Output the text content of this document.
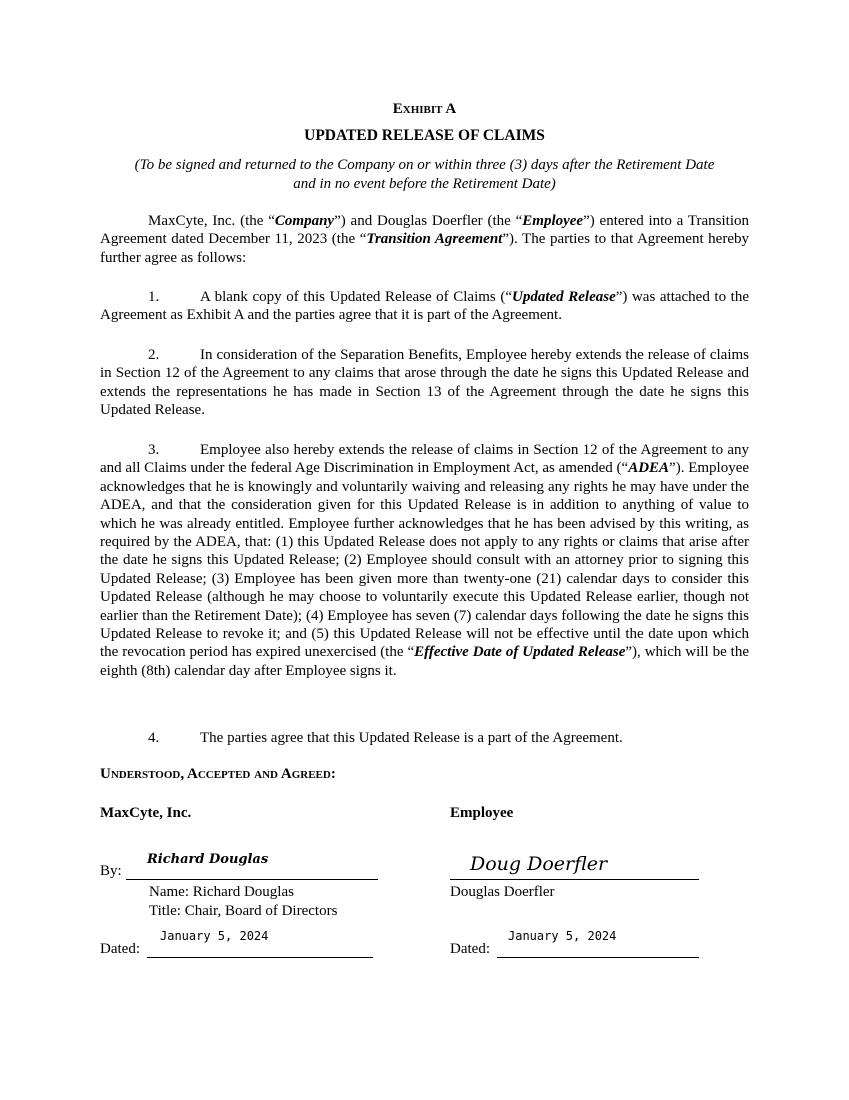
Exhibit A
UPDATED RELEASE OF CLAIMS
(To be signed and returned to the Company on or within three (3) days after the Retirement Date
and in no event before the Retirement Date)

MaxCyte, Inc. (the “Company”) and Douglas Doerfler (the “Employee”) entered into a Transition Agreement dated December 11, 2023 (the “Transition Agreement”). The parties to that Agreement hereby further agree as follows:

1.	A blank copy of this Updated Release of Claims (“Updated Release”) was attached to the Agreement as Exhibit A and the parties agree that it is part of the Agreement.

2.	In consideration of the Separation Benefits, Employee hereby extends the release of claims in Section 12 of the Agreement to any claims that arose through the date he signs this Updated Release and extends the representations he has made in Section 13 of the Agreement through the date he signs this Updated Release.

3.	Employee also hereby extends the release of claims in Section 12 of the Agreement to any and all Claims under the federal Age Discrimination in Employment Act, as amended (“ADEA”). Employee acknowledges that he is knowingly and voluntarily waiving and releasing any rights he may have under the ADEA, and that the consideration given for this Updated Release is in addition to anything of value to which he was already entitled. Employee further acknowledges that he has been advised by this writing, as required by the ADEA, that: (1) this Updated Release does not apply to any rights or claims that arise after the date he signs this Updated Release; (2) Employee should consult with an attorney prior to signing this Updated Release; (3) Employee has been given more than twenty-one (21) calendar days to consider this Updated Release (although he may choose to voluntarily execute this Updated Release earlier, though not earlier than the Retirement Date); (4) Employee has seven (7) calendar days following the date he signs this Updated Release to revoke it; and (5) this Updated Release will not be effective until the date upon which the revocation period has expired unexercised (the “Effective Date of Updated Release”), which will be the eighth (8th) calendar day after Employee signs it.

4.	The parties agree that this Updated Release is a part of the Agreement.

Understood, Accepted and Agreed:
MaxCyte, Inc.
By:
Richard Douglas
Name: Richard Douglas
Title: Chair, Board of Directors
Dated:
January 5, 2024
Employee
Doug Doerfler
Douglas Doerfler
Dated:
January 5, 2024
